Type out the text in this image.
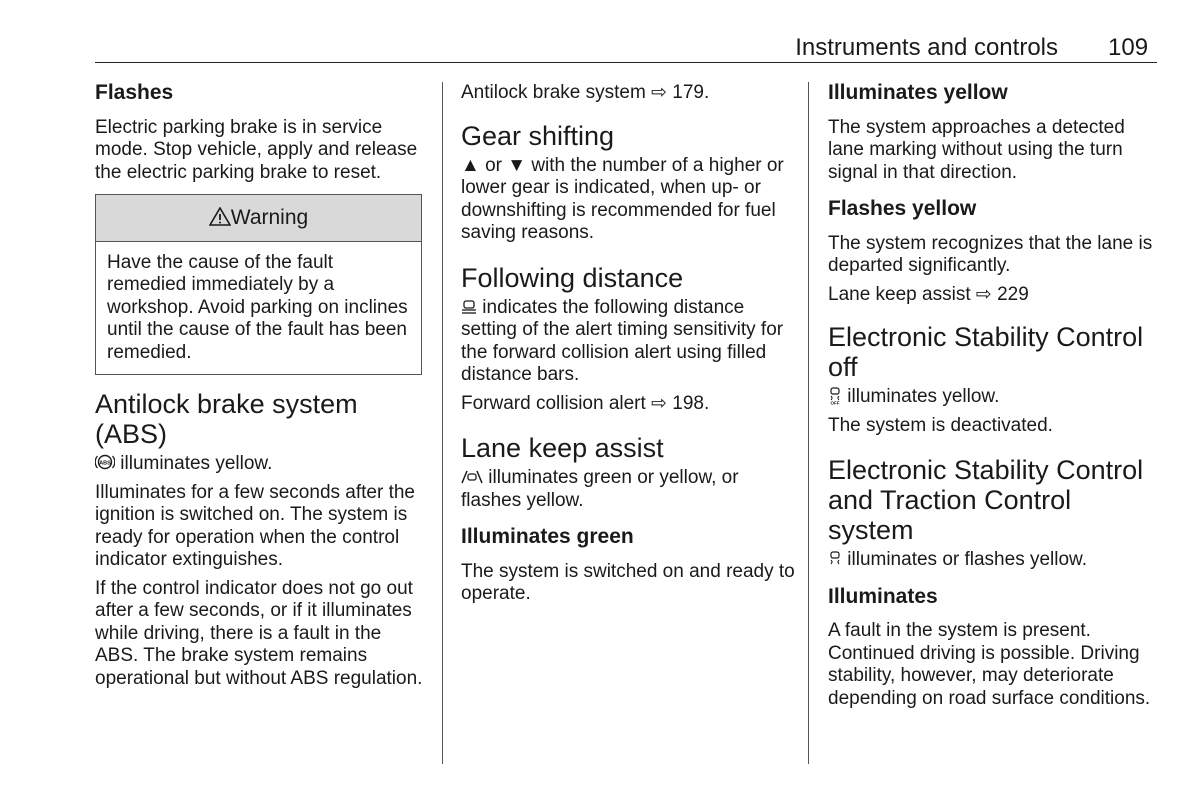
Instruments and controls 109
Flashes
Electric parking brake is in service mode. Stop vehicle, apply and release the electric parking brake to reset.
Warning
Have the cause of the fault remedied immediately by a workshop. Avoid parking on inclines until the cause of the fault has been remedied.
Antilock brake system (ABS)
ABS illuminates yellow.
Illuminates for a few seconds after the ignition is switched on. The system is ready for operation when the control indicator extinguishes.
If the control indicator does not go out after a few seconds, or if it illuminates while driving, there is a fault in the ABS. The brake system remains operational but without ABS regulation.
Antilock brake system ⇨ 179.
Gear shifting
▲ or ▼ with the number of a higher or lower gear is indicated, when up- or downshifting is recommended for fuel saving reasons.
Following distance
indicates the following distance setting of the alert timing sensitivity for the forward collision alert using filled distance bars.
Forward collision alert ⇨ 198.
Lane keep assist
illuminates green or yellow, or flashes yellow.
Illuminates green
The system is switched on and ready to operate.
Illuminates yellow
The system approaches a detected lane marking without using the turn signal in that direction.
Flashes yellow
The system recognizes that the lane is departed significantly.
Lane keep assist ⇨ 229
Electronic Stability Control off
OFF illuminates yellow.
The system is deactivated.
Electronic Stability Control and Traction Control system
illuminates or flashes yellow.
Illuminates
A fault in the system is present. Continued driving is possible. Driving stability, however, may deteriorate depending on road surface conditions.
